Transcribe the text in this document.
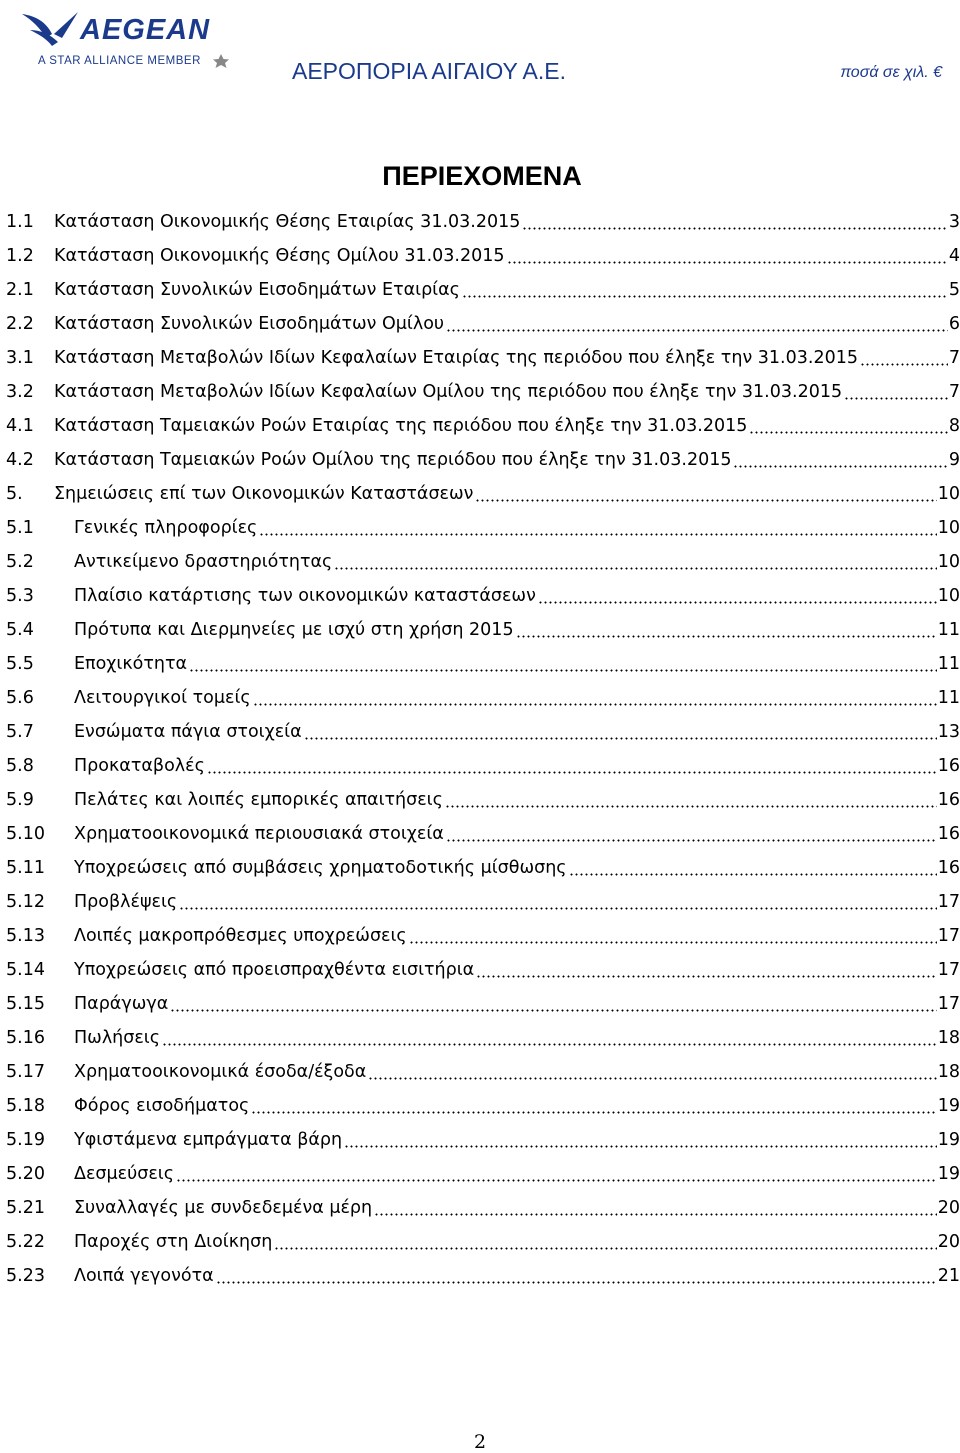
AEGEAN
A STAR ALLIANCE MEMBER	ΑΕΡΟΠΟΡΙΑ ΑΙΓΑΙΟΥ Α.Ε.	ποσά σε χιλ. €
ΠΕΡΙΕΧΟΜΕΝΑ
1.1	Κατάσταση Οικονομικής Θέσης Εταιρίας 31.03.2015	3
1.2	Κατάσταση Οικονομικής Θέσης Ομίλου 31.03.2015	4
2.1	Κατάσταση Συνολικών Εισοδημάτων Εταιρίας	5
2.2	Κατάσταση Συνολικών Εισοδημάτων Ομίλου	6
3.1	Κατάσταση Μεταβολών Ιδίων Κεφαλαίων Εταιρίας της περιόδου που έληξε την 31.03.2015	7
3.2	Κατάσταση Μεταβολών Ιδίων Κεφαλαίων Ομίλου της περιόδου που έληξε την 31.03.2015	7
4.1	Κατάσταση Ταμειακών Ροών Εταιρίας της περιόδου που έληξε την 31.03.2015	8
4.2	Κατάσταση Ταμειακών Ροών Ομίλου της περιόδου που έληξε την 31.03.2015	9
5.	Σημειώσεις επί των Οικονομικών Καταστάσεων	10
5.1	Γενικές πληροφορίες	10
5.2	Αντικείμενο δραστηριότητας	10
5.3	Πλαίσιο κατάρτισης των οικονομικών καταστάσεων	10
5.4	Πρότυπα και Διερμηνείες με ισχύ στη χρήση 2015	11
5.5	Εποχικότητα	11
5.6	Λειτουργικοί τομείς	11
5.7	Ενσώματα πάγια στοιχεία	13
5.8	Προκαταβολές	16
5.9	Πελάτες και λοιπές εμπορικές απαιτήσεις	16
5.10	Χρηματοοικονομικά περιουσιακά στοιχεία	16
5.11	Υποχρεώσεις από συμβάσεις χρηματοδοτικής μίσθωσης	16
5.12	Προβλέψεις	17
5.13	Λοιπές μακροπρόθεσμες υποχρεώσεις	17
5.14	Υποχρεώσεις από προεισπραχθέντα εισιτήρια	17
5.15	Παράγωγα	17
5.16	Πωλήσεις	18
5.17	Χρηματοοικονομικά έσοδα/έξοδα	18
5.18	Φόρος εισοδήματος	19
5.19	Υφιστάμενα εμπράγματα βάρη	19
5.20	Δεσμεύσεις	19
5.21	Συναλλαγές με συνδεδεμένα μέρη	20
5.22	Παροχές στη Διοίκηση	20
5.23	Λοιπά γεγονότα	21
2
